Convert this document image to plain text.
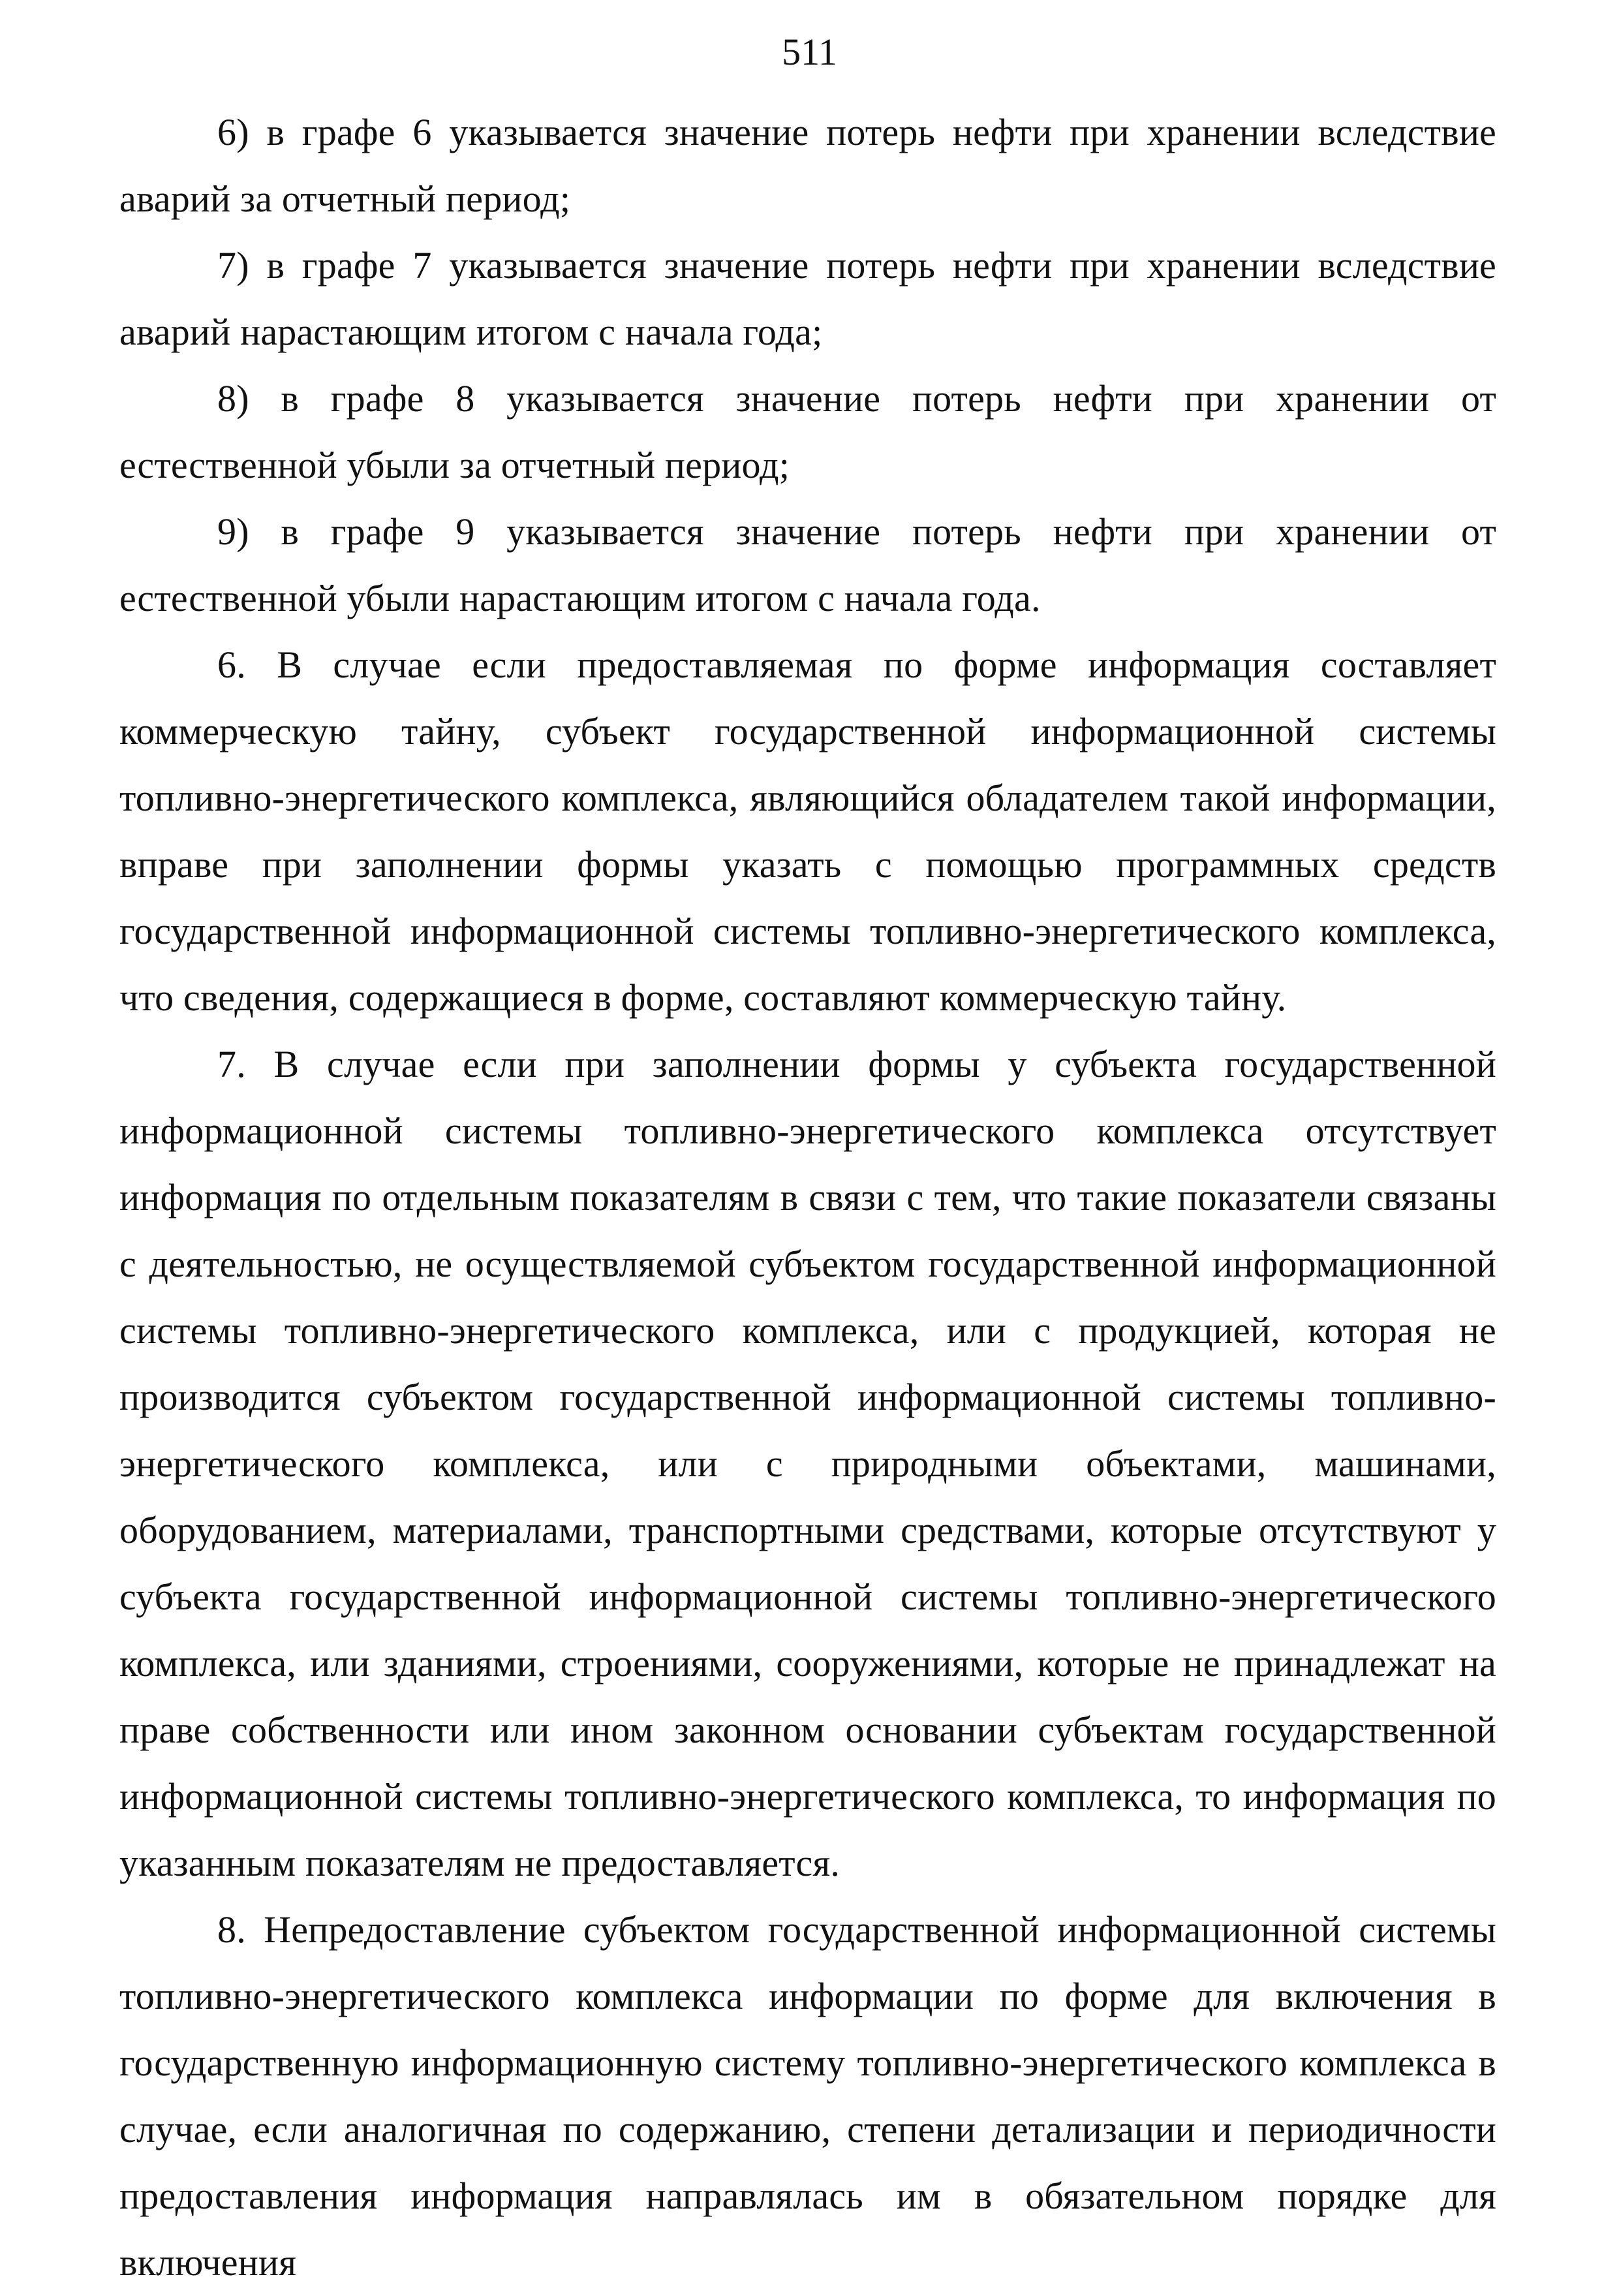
511

6) в графе 6 указывается значение потерь нефти при хранении вследствие аварий за отчетный период;

7) в графе 7 указывается значение потерь нефти при хранении вследствие аварий нарастающим итогом с начала года;

8) в графе 8 указывается значение потерь нефти при хранении от естественной убыли за отчетный период;

9) в графе 9 указывается значение потерь нефти при хранении от естественной убыли нарастающим итогом с начала года.

6. В случае если предоставляемая по форме информация составляет коммерческую тайну, субъект государственной информационной системы топливно-энергетического комплекса, являющийся обладателем такой информации, вправе при заполнении формы указать с помощью программных средств государственной информационной системы топливно-энергетического комплекса, что сведения, содержащиеся в форме, составляют коммерческую тайну.

7. В случае если при заполнении формы у субъекта государственной информационной системы топливно-энергетического комплекса отсутствует информация по отдельным показателям в связи с тем, что такие показатели связаны с деятельностью, не осуществляемой субъектом государственной информационной системы топливно-энергетического комплекса, или с продукцией, которая не производится субъектом государственной информационной системы топливно-энергетического комплекса, или с природными объектами, машинами, оборудованием, материалами, транспортными средствами, которые отсутствуют у субъекта государственной информационной системы топливно-энергетического комплекса, или зданиями, строениями, сооружениями, которые не принадлежат на праве собственности или ином законном основании субъектам государственной информационной системы топливно-энергетического комплекса, то информация по указанным показателям не предоставляется.

8. Непредоставление субъектом государственной информационной системы топливно-энергетического комплекса информации по форме для включения в государственную информационную систему топливно-энергетического комплекса в случае, если аналогичная по содержанию, степени детализации и периодичности предоставления информация направлялась им в обязательном порядке для включения
